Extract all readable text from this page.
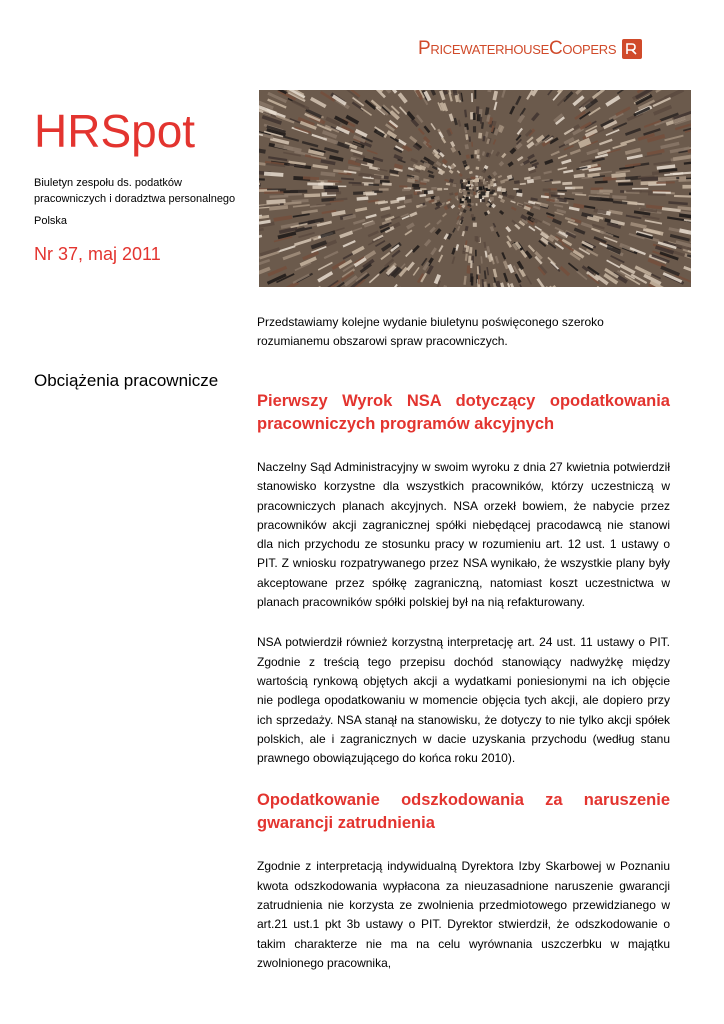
PricewaterhouseCoopers
HRSpot
Biuletyn zespołu ds. podatków pracowniczych i doradztwa personalnego
Polska
Nr 37, maj 2011
Przedstawiamy kolejne wydanie biuletynu poświęconego szeroko rozumianemu obszarowi spraw pracowniczych.
Obciążenia pracownicze
Pierwszy Wyrok NSA dotyczący opodatkowania pracowniczych programów akcyjnych

Naczelny Sąd Administracyjny w swoim wyroku z dnia 27 kwietnia potwierdził stanowisko korzystne dla wszystkich pracowników, którzy uczestniczą w pracowniczych planach akcyjnych. NSA orzekł bowiem, że nabycie przez pracowników akcji zagranicznej spółki niebędącej pracodawcą nie stanowi dla nich przychodu ze stosunku pracy w rozumieniu art. 12 ust. 1 ustawy o PIT. Z wniosku rozpatrywanego przez NSA wynikało, że wszystkie plany były akceptowane przez spółkę zagraniczną, natomiast koszt uczestnictwa w planach pracowników spółki polskiej był na nią refakturowany.

NSA potwierdził również korzystną interpretację art. 24 ust. 11 ustawy o PIT. Zgodnie z treścią tego przepisu dochód stanowiący nadwyżkę między wartością rynkową objętych akcji a wydatkami poniesionymi na ich objęcie nie podlega opodatkowaniu w momencie objęcia tych akcji, ale dopiero przy ich sprzedaży. NSA stanął na stanowisku, że dotyczy to nie tylko akcji spółek polskich, ale i zagranicznych w dacie uzyskania przychodu (według stanu prawnego obowiązującego do końca roku 2010).

Opodatkowanie odszkodowania za naruszenie gwarancji zatrudnienia

Zgodnie z interpretacją indywidualną Dyrektora Izby Skarbowej w Poznaniu kwota odszkodowania wypłacona za nieuzasadnione naruszenie gwarancji zatrudnienia nie korzysta ze zwolnienia przedmiotowego przewidzianego w art.21 ust.1 pkt 3b ustawy o PIT. Dyrektor stwierdził, że odszkodowanie o takim charakterze nie ma na celu wyrównania uszczerbku w majątku zwolnionego pracownika,
